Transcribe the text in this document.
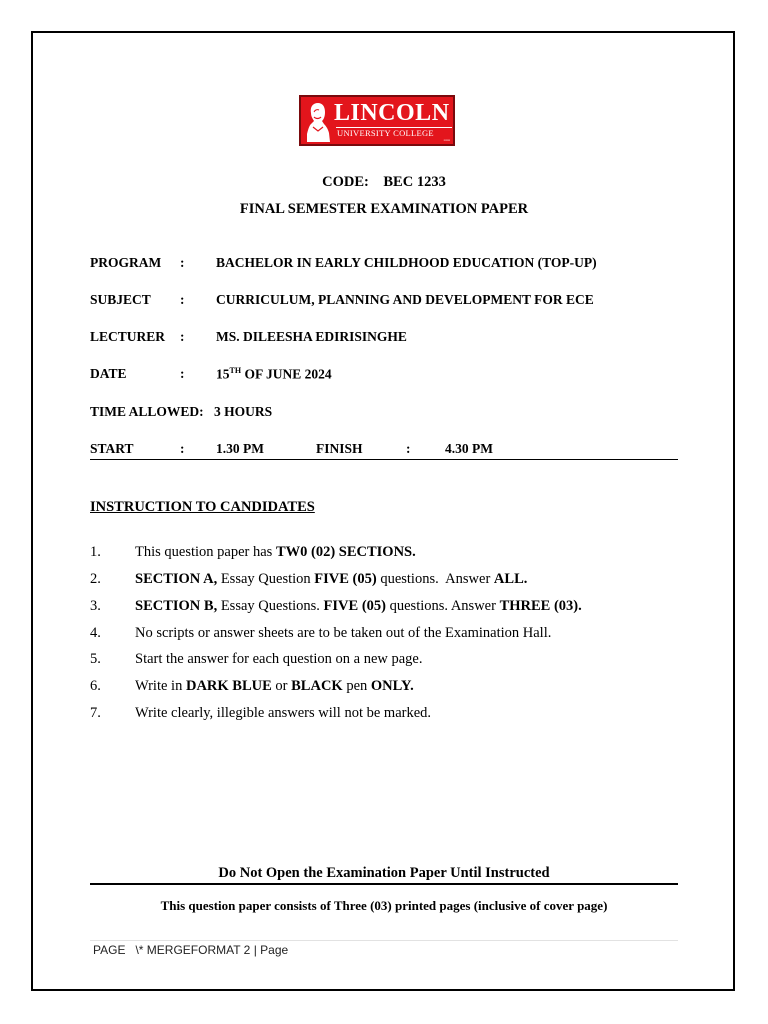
LINCOLN
UNIVERSITY COLLEGE
▪▪▪▪▪▪
CODE: BEC 1233
FINAL SEMESTER EXAMINATION PAPER
PROGRAM : BACHELOR IN EARLY CHILDHOOD EDUCATION (TOP-UP)
SUBJECT : CURRICULUM, PLANNING AND DEVELOPMENT FOR ECE
LECTURER : MS. DILEESHA EDIRISINGHE
DATE	: 15TH OF JUNE 2024
TIME ALLOWED: 3 HOURS
START	: 1.30 PM	FINISH	:	4.30 PM
INSTRUCTION TO CANDIDATES
1. This question paper has TW0 (02) SECTIONS.
2. SECTION A, Essay Question FIVE (05) questions.  Answer ALL.
3. SECTION B, Essay Questions. FIVE (05) questions. Answer THREE (03).
4. No scripts or answer sheets are to be taken out of the Examination Hall.
5. Start the answer for each question on a new page.
6. Write in DARK BLUE or BLACK pen ONLY.
7. Write clearly, illegible answers will not be marked.
Do Not Open the Examination Paper Until Instructed
This question paper consists of Three (03) printed pages (inclusive of cover page)
PAGE   \* MERGEFORMAT 2 | Page
